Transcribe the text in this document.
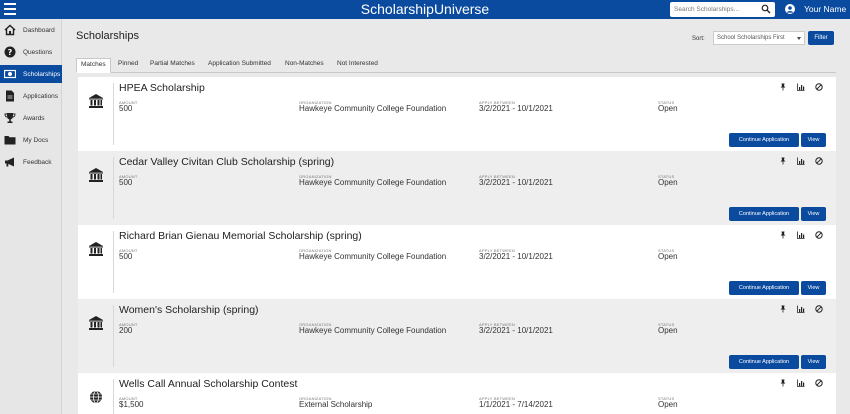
ScholarshipUniverse
Search Scholarships...	Your Name
Dashboard
? Questions
Scholarships
Applications
Awards
My Docs
Feedback
Scholarships	Sort:	School Scholarships First	Filter
Matches	Pinned Partial Matches Application Submitted Non-Matches Not Interested
HPEA Scholarship
AMOUNT
500
ORGANIZATION
Hawkeye Community College Foundation
APPLY BETWEEN
3/2/2021 - 10/1/2021
STATUS
Open
Continue Application	View
Cedar Valley Civitan Club Scholarship (spring)
AMOUNT
500
ORGANIZATION
Hawkeye Community College Foundation
APPLY BETWEEN
3/2/2021 - 10/1/2021
STATUS
Open
Continue Application	View
Richard Brian Gienau Memorial Scholarship (spring)
AMOUNT
500
ORGANIZATION
Hawkeye Community College Foundation
APPLY BETWEEN
3/2/2021 - 10/1/2021
STATUS
Open
Continue Application	View
Women's Scholarship (spring)
AMOUNT
200
ORGANIZATION
Hawkeye Community College Foundation
APPLY BETWEEN
3/2/2021 - 10/1/2021
STATUS
Open
Continue Application	View
Wells Call Annual Scholarship Contest
AMOUNT
$1,500
ORGANIZATION
External Scholarship
APPLY BETWEEN
1/1/2021 - 7/14/2021
STATUS
Open
